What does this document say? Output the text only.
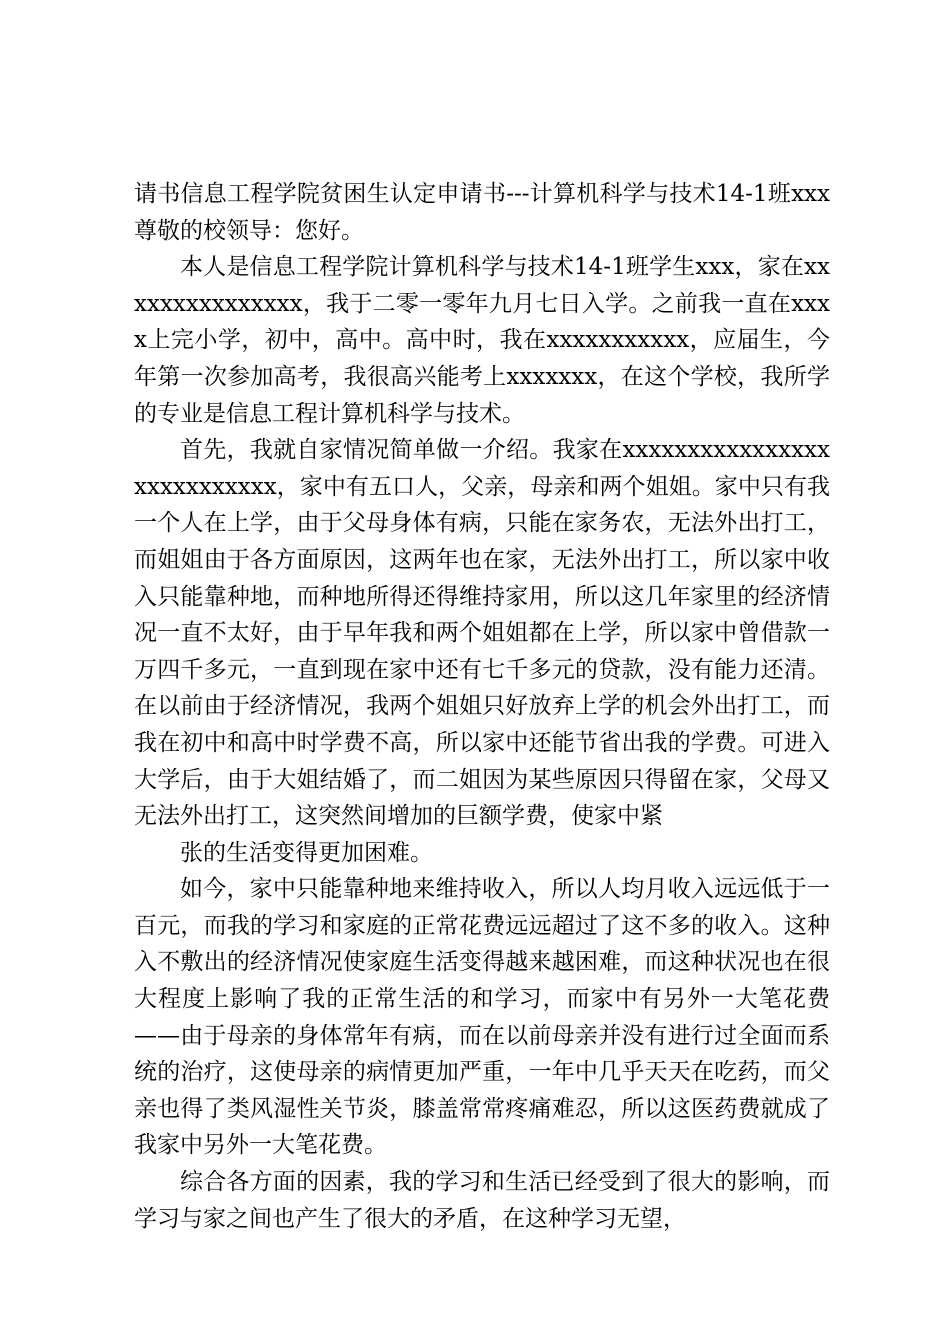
请书信息工程学院贫困生认定申请书---计算机科学与技术14-1班xxx尊敬的校领导：您好。

本人是信息工程学院计算机科学与技术14-1班学生xxx，家在xxxxxxxxxxxxxxx，我于二零一零年九月七日入学。之前我一直在xxxx上完小学，初中，高中。高中时，我在xxxxxxxxxxx，应届生，今年第一次参加高考，我很高兴能考上xxxxxxx，在这个学校，我所学的专业是信息工程计算机科学与技术。

首先，我就自家情况简单做一介绍。我家在xxxxxxxxxxxxxxxxxxxxxxxxxxx，家中有五口人，父亲，母亲和两个姐姐。家中只有我一个人在上学，由于父母身体有病，只能在家务农，无法外出打工，而姐姐由于各方面原因，这两年也在家，无法外出打工，所以家中收入只能靠种地，而种地所得还得维持家用，所以这几年家里的经济情况一直不太好，由于早年我和两个姐姐都在上学，所以家中曾借款一万四千多元，一直到现在家中还有七千多元的贷款，没有能力还清。在以前由于经济情况，我两个姐姐只好放弃上学的机会外出打工，而我在初中和高中时学费不高，所以家中还能节省出我的学费。可进入大学后，由于大姐结婚了，而二姐因为某些原因只得留在家，父母又无法外出打工，这突然间增加的巨额学费，使家中紧

张的生活变得更加困难。

如今，家中只能靠种地来维持收入，所以人均月收入远远低于一百元，而我的学习和家庭的正常花费远远超过了这不多的收入。这种入不敷出的经济情况使家庭生活变得越来越困难，而这种状况也在很大程度上影响了我的正常生活的和学习，而家中有另外一大笔花费——由于母亲的身体常年有病，而在以前母亲并没有进行过全面而系统的治疗，这使母亲的病情更加严重，一年中几乎天天在吃药，而父亲也得了类风湿性关节炎，膝盖常常疼痛难忍，所以这医药费就成了我家中另外一大笔花费。

综合各方面的因素，我的学习和生活已经受到了很大的影响，而学习与家之间也产生了很大的矛盾，在这种学习无望，
